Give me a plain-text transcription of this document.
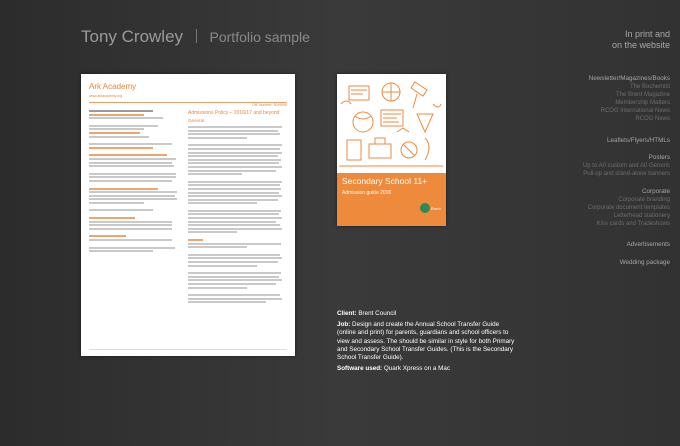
Tony Crowley Portfolio sample
Ark Academy
www.arkacademy.org
DfE Number: 3049996
Admissions Policy – 2016/17 and beyond
General
Secondary School 11+
Admission guide 2016
Brent

Client: Brent Council

Job: Design and create the Annual School Transfer Guide (online and print) for parents, guardians and school officers to view and assess. The should be similar in style for both Primary and Secondary School Transfer Guides. (This is the Secondary School Transfer Guide).

Software used: Quark Xpress on a Mac

In print and
on the website
Newsletter/Magazines/Books
The Bochemist
The Brent Magazine
Membership Matters
RCOG International News
RCOG News
Leaflets/Flyers/HTMLs
Posters
Up to A0 custom and A0 Generic
Pull-up and stand-alone banners
Corporate
Corporate branding
Corporate document templates
Letterhead stationery
Kiss cards and Tradeshows
Advertisements
Wedding package
